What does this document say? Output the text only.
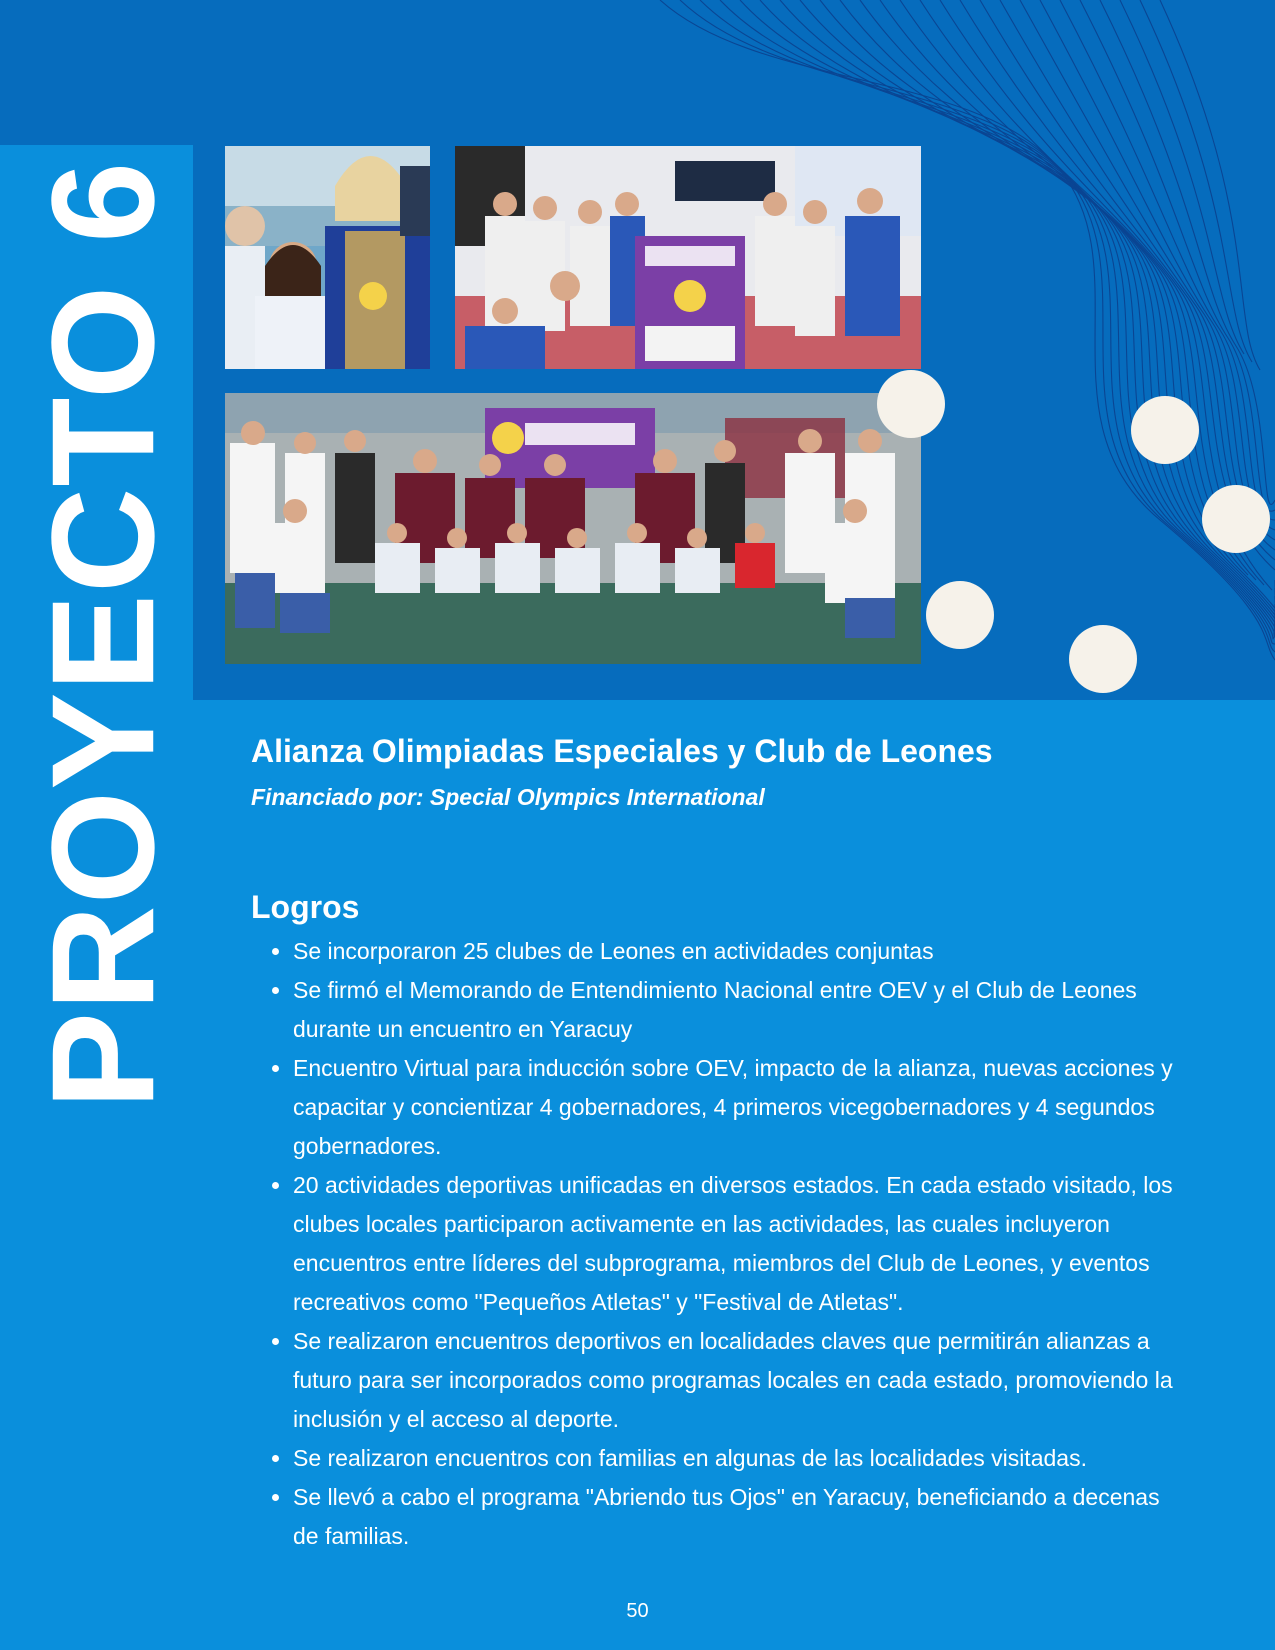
PROYECTO 6 Alianza Olimpiadas Especiales y Club de Leones

Financiado por: Special Olympics International

Logros
• Se incorporaron 25 clubes de Leones en actividades conjuntas
• Se firmó el Memorando de Entendimiento Nacional entre OEV y el Club de Leones durante un encuentro en Yaracuy
• Encuentro Virtual para inducción sobre OEV, impacto de la alianza, nuevas acciones y capacitar y concientizar 4 gobernadores, 4 primeros vicegobernadores y 4 segundos gobernadores.
• 20 actividades deportivas unificadas en diversos estados. En cada estado visitado, los clubes locales participaron activamente en las actividades, las cuales incluyeron encuentros entre líderes del subprograma, miembros del Club de Leones, y eventos recreativos como "Pequeños Atletas" y "Festival de Atletas".
• Se realizaron encuentros deportivos en localidades claves que permitirán alianzas a futuro para ser incorporados como programas locales en cada estado, promoviendo la inclusión y el acceso al deporte.
• Se realizaron encuentros con familias en algunas de las localidades visitadas.
• Se llevó a cabo el programa "Abriendo tus Ojos" en Yaracuy, beneficiando a decenas de familias.
50
